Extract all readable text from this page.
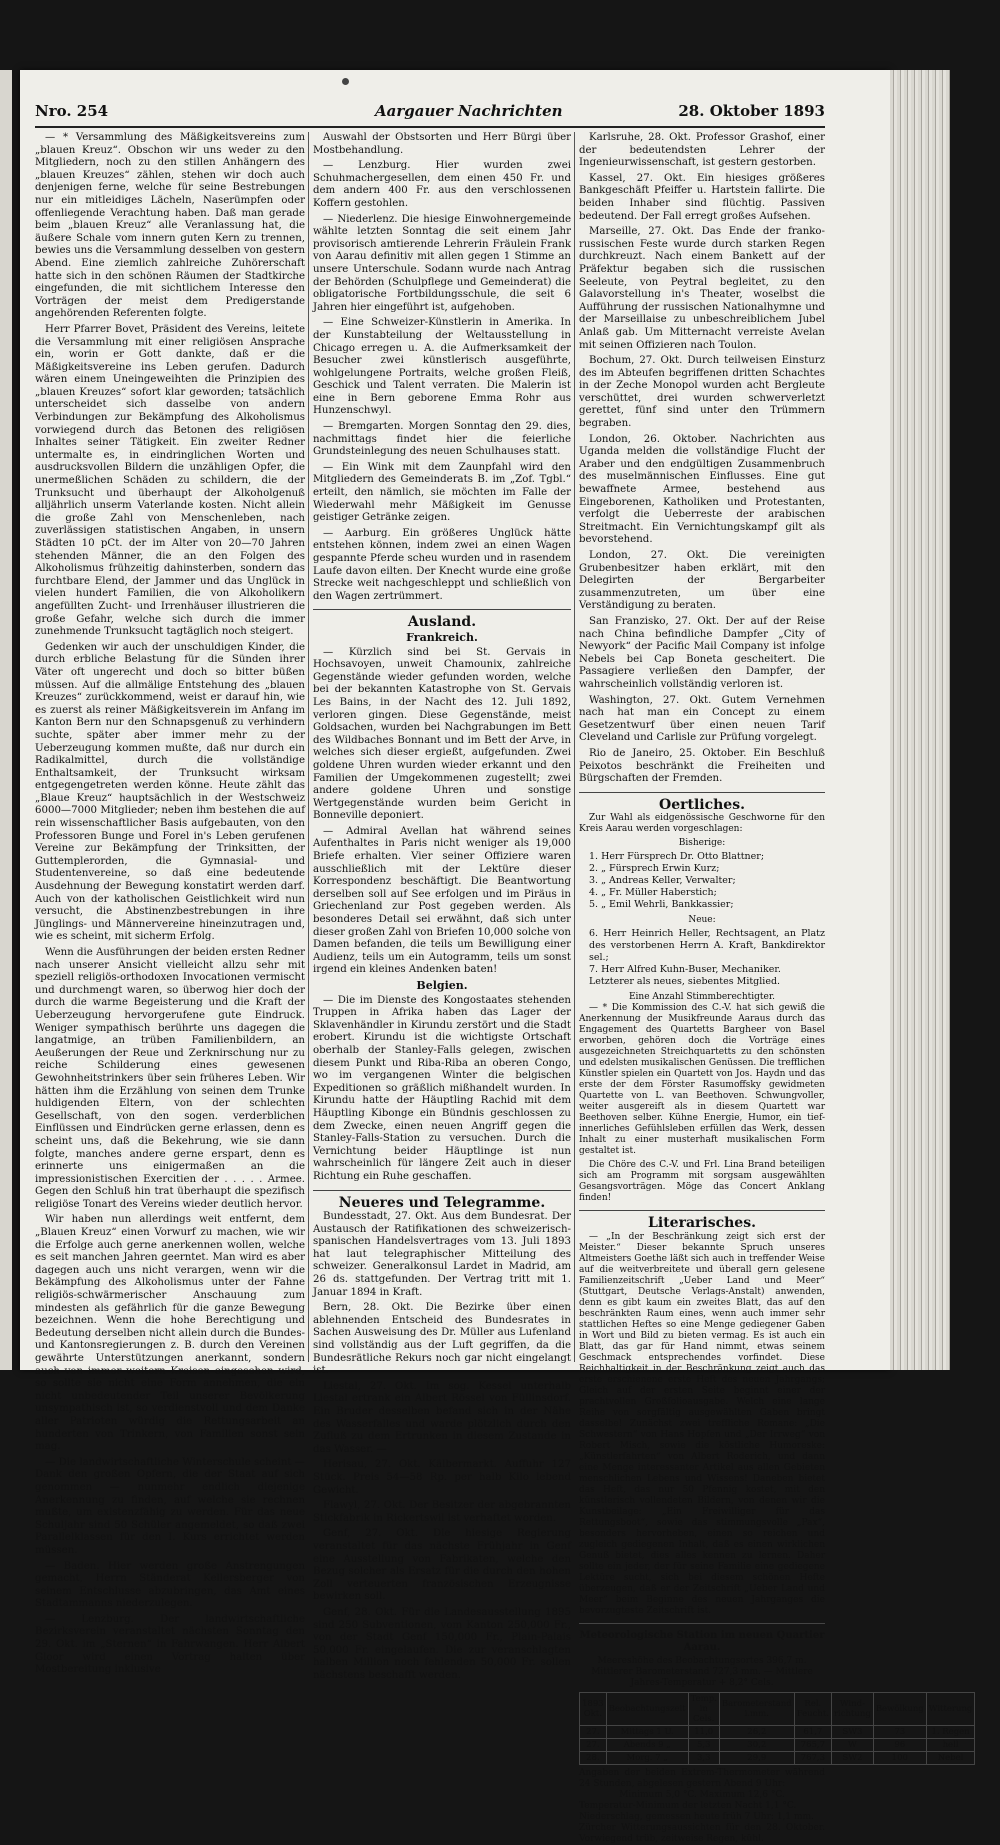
Nro. 254	Aargauer Nachrichten	28. Oktober 1893

— * Versammlung des Mäßigkeitsvereins zum „blauen Kreuz“. Obschon wir uns weder zu den Mitgliedern, noch zu den stillen Anhängern des „blauen Kreuzes“ zählen, stehen wir doch auch denjenigen ferne, welche für seine Bestrebungen nur ein mitleidiges Lächeln, Naserümpfen oder offenliegende Verachtung haben. Daß man gerade beim „blauen Kreuz“ alle Veranlassung hat, die äußere Schale vom innern guten Kern zu trennen, bewies uns die Versammlung desselben von gestern Abend. Eine ziemlich zahlreiche Zuhörerschaft hatte sich in den schönen Räumen der Stadtkirche eingefunden, die mit sichtlichem Interesse den Vorträgen der meist dem Predigerstande angehörenden Referenten folgte.

Herr Pfarrer Bovet, Präsident des Vereins, leitete die Versammlung mit einer religiösen Ansprache ein, worin er Gott dankte, daß er die Mäßigkeitsvereine ins Leben gerufen. Dadurch wären einem Uneingeweihten die Prinzipien des „blauen Kreuzes“ sofort klar geworden; tatsächlich unterscheidet sich dasselbe von andern Verbindungen zur Bekämpfung des Alkoholismus vorwiegend durch das Betonen des religiösen Inhaltes seiner Tätigkeit. Ein zweiter Redner untermalte es, in eindringlichen Worten und ausdrucksvollen Bildern die unzähligen Opfer, die unermeßlichen Schäden zu schildern, die der Trunksucht und überhaupt der Alkoholgenuß alljährlich unserm Vaterlande kosten. Nicht allein die große Zahl von Menschenleben, nach zuverlässigen statistischen Angaben, in unsern Städten 10 pCt. der im Alter von 20—70 Jahren stehenden Männer, die an den Folgen des Alkoholismus frühzeitig dahinsterben, sondern das furchtbare Elend, der Jammer und das Unglück in vielen hundert Familien, die von Alkoholikern angefüllten Zucht- und Irrenhäuser illustrieren die große Gefahr, welche sich durch die immer zunehmende Trunksucht tagtäglich noch steigert.

Gedenken wir auch der unschuldigen Kinder, die durch erbliche Belastung für die Sünden ihrer Väter oft ungerecht und doch so bitter büßen müssen. Auf die allmälige Entstehung des „blauen Kreuzes“ zurückkommend, weist er darauf hin, wie es zuerst als reiner Mäßigkeitsverein im Anfang im Kanton Bern nur den Schnapsgenuß zu verhindern suchte, später aber immer mehr zu der Ueberzeugung kommen mußte, daß nur durch ein Radikalmittel, durch die vollständige Enthaltsamkeit, der Trunksucht wirksam entgegengetreten werden könne. Heute zählt das „Blaue Kreuz“ hauptsächlich in der Westschweiz 6000—7000 Mitglieder; neben ihm bestehen die auf rein wissenschaftlicher Basis aufgebauten, von den Professoren Bunge und Forel in's Leben gerufenen Vereine zur Bekämpfung der Trinksitten, der Guttemplerorden, die Gymnasial- und Studentenvereine, so daß eine bedeutende Ausdehnung der Bewegung konstatirt werden darf. Auch von der katholischen Geistlichkeit wird nun versucht, die Abstinenzbestrebungen in ihre Jünglings- und Männervereine hineinzutragen und, wie es scheint, mit sicherm Erfolg.

Wenn die Ausführungen der beiden ersten Redner nach unserer Ansicht vielleicht allzu sehr mit speziell religiös-orthodoxen Invocationen vermischt und durchmengt waren, so überwog hier doch der durch die warme Begeisterung und die Kraft der Ueberzeugung hervorgerufene gute Eindruck. Weniger sympathisch berührte uns dagegen die langatmige, an trüben Familienbildern, an Aeußerungen der Reue und Zerknirschung nur zu reiche Schilderung eines gewesenen Gewohnheitstrinkers über sein früheres Leben. Wir hätten ihm die Erzählung von seinen dem Trunke huldigenden Eltern, von der schlechten Gesellschaft, von den sogen. verderblichen Einflüssen und Eindrücken gerne erlassen, denn es scheint uns, daß die Bekehrung, wie sie dann folgte, manches andere gerne erspart, denn es erinnerte uns einigermaßen an die impressionistischen Exercitien der . . . . . Armee. Gegen den Schluß hin trat überhaupt die spezifisch religiöse Tonart des Vereins wieder deutlich hervor.

Wir haben nun allerdings weit entfernt, dem „Blauen Kreuz“ einen Vorwurf zu machen, wie wir die Erfolge auch gerne anerkennen wollen, welche es seit manchen Jahren geerntet. Man wird es aber dagegen auch uns nicht verargen, wenn wir die Bekämpfung des Alkoholismus unter der Fahne religiös-schwärmerischer Anschauung zum mindesten als gefährlich für die ganze Bewegung bezeichnen. Wenn die hohe Berechtigung und Bedeutung derselben nicht allein durch die Bundes- und Kantonsregierungen z. B. durch den Vereinen gewährte Unterstützungen anerkannt, sondern auch von immer weitern Kreisen eingesehen wird, so sollte sie nicht eine Form annehmen, die ein nicht unbedeutender Teil unserer Bevölkerung unsympathisch ist, so verdienstvoll und dem Danke aller Patrioten würdig die Rettungsarbeit an hunderten von Trinkern, von Familien sonst sein mag.

— Die landwirtschaftliche Winterschule scheint — Dank den großen Opfern, die der Staat auf sich genommen — nunmehr endlich diejenige Anerkennung zu finden, auf welche sie rechnen mußte, um existenzfähig zu werden. Für das neue Schuljahr sind 50 Schüler angemeldet, so daß zwei Parallelklassen für den I. Kurs errichtet werden müssen.

— Baden. Hier werden große Anstrengungen gemacht, Herrn Ständerat Kellersberger von seinem Entschlusse abzubringen, das Amt eines Stadtammanns niederzulegen.

— Lenzburg. Der landwirtschaftliche Bezirksverein veranstaltet nächsten Sonntag den 29. Okt. im „Sternen“ in Fahrwangen. Herr Albert Gloor wird einen Vortrag halten über Mostbereitung inklusive

Auswahl der Obstsorten und Herr Bürgi über Mostbehandlung.

— Lenzburg. Hier wurden zwei Schuhmachergesellen, dem einen 450 Fr. und dem andern 400 Fr. aus den verschlossenen Koffern gestohlen.

— Niederlenz. Die hiesige Einwohnergemeinde wählte letzten Sonntag die seit einem Jahr provisorisch amtierende Lehrerin Fräulein Frank von Aarau definitiv mit allen gegen 1 Stimme an unsere Unterschule. Sodann wurde nach Antrag der Behörden (Schulpflege und Gemeinderat) die obligatorische Fortbildungsschule, die seit 6 Jahren hier eingeführt ist, aufgehoben.

— Eine Schweizer-Künstlerin in Amerika. In der Kunstabteilung der Weltausstellung in Chicago erregen u. A. die Aufmerksamkeit der Besucher zwei künstlerisch ausgeführte, wohlgelungene Portraits, welche großen Fleiß, Geschick und Talent verraten. Die Malerin ist eine in Bern geborene Emma Rohr aus Hunzenschwyl.

— Bremgarten. Morgen Sonntag den 29. dies, nachmittags findet hier die feierliche Grundsteinlegung des neuen Schulhauses statt.

— Ein Wink mit dem Zaunpfahl wird den Mitgliedern des Gemeinderats B. im „Zof. Tgbl.“ erteilt, den nämlich, sie möchten im Falle der Wiederwahl mehr Mäßigkeit im Genusse geistiger Getränke zeigen.

— Aarburg. Ein größeres Unglück hätte entstehen können, indem zwei an einen Wagen gespannte Pferde scheu wurden und in rasendem Laufe davon eilten. Der Knecht wurde eine große Strecke weit nachgeschleppt und schließlich von den Wagen zertrümmert.

Ausland.
Frankreich.

— Kürzlich sind bei St. Gervais in Hochsavoyen, unweit Chamounix, zahlreiche Gegenstände wieder gefunden worden, welche bei der bekannten Katastrophe von St. Gervais Les Bains, in der Nacht des 12. Juli 1892, verloren gingen. Diese Gegenstände, meist Goldsachen, wurden bei Nachgrabungen im Bett des Wildbaches Bonnant und im Bett der Arve, in welches sich dieser ergießt, aufgefunden. Zwei goldene Uhren wurden wieder erkannt und den Familien der Umgekommenen zugestellt; zwei andere goldene Uhren und sonstige Wertgegenstände wurden beim Gericht in Bonneville deponiert.

— Admiral Avellan hat während seines Aufenthaltes in Paris nicht weniger als 19,000 Briefe erhalten. Vier seiner Offiziere waren ausschließlich mit der Lektüre dieser Korrespondenz beschäftigt. Die Beantwortung derselben soll auf See erfolgen und im Piräus in Griechenland zur Post gegeben werden. Als besonderes Detail sei erwähnt, daß sich unter dieser großen Zahl von Briefen 10,000 solche von Damen befanden, die teils um Bewilligung einer Audienz, teils um ein Autogramm, teils um sonst irgend ein kleines Andenken baten!

Belgien.

— Die im Dienste des Kongostaates stehenden Truppen in Afrika haben das Lager der Sklavenhändler in Kirundu zerstört und die Stadt erobert. Kirundu ist die wichtigste Ortschaft oberhalb der Stanley-Falls gelegen, zwischen diesem Punkt und Riba-Riba an oberen Congo, wo im vergangenen Winter die belgischen Expeditionen so gräßlich mißhandelt wurden. In Kirundu hatte der Häuptling Rachid mit dem Häuptling Kibonge ein Bündnis geschlossen zu dem Zwecke, einen neuen Angriff gegen die Stanley-Falls-Station zu versuchen. Durch die Vernichtung beider Häuptlinge ist nun wahrscheinlich für längere Zeit auch in dieser Richtung ein Ruhe geschaffen.

Neueres und Telegramme.

Bundesstadt, 27. Okt. Aus dem Bundesrat. Der Austausch der Ratifikationen des schweizerisch-spanischen Handelsvertrages vom 13. Juli 1893 hat laut telegraphischer Mitteilung des schweizer. Generalkonsul Lardet in Madrid, am 26 ds. stattgefunden. Der Vertrag tritt mit 1. Januar 1894 in Kraft.

Bern, 28. Okt. Die Bezirke über einen ablehnenden Entscheid des Bundesrates in Sachen Ausweisung des Dr. Müller aus Lufenland sind vollständig aus der Luft gegriffen, da die Bundesrätliche Rekurs noch gar nicht eingelangt ist.

Liestal, 27. Okt. Im sog. Kessel unterhalb Liestal ertrank ein Albert Rössel von Füllinsdorf. Ein Bruder desselben befand sich in der Nähe des Wasserfalles und warde plötzlich durch den Zufluß zu dem Ertrunken in diesem Zustande in das Wasser. —

Herisau, 27. Okt. Kälbermarkt. Auffuhr 127 Stück. Preis 54—58 Rp. per halb Kilo lebend Gewicht.

Flawyl, 27. Okt. Der Besitzer der abgebrannten Stickfabrik in Rickertswil ist verhaftet worden.

Genf, 27. Okt. Die hiesige Regierung veranstaltet für das nächste Frühjahr in Genf eine Ausstellung von Fabrikaten, welche den Bezug solcher als Ersatz für die durch den hohen Zoll verteuerten französischen Erzeugnisse bewirken soll.

Genf, 28. Okt. Für die Landesausstellung 1895 sind 250 Subventionen, vom Kanton 250,000 Fr., von der Stadt Genf 150,000 Fr., Plain-Palais 50,000 Fr. eingelaufen. Die zur veranschlagten halben Million noch fehlenden 50,000 Fr. sollen nächstens beschafft werden.

Karlsruhe, 28. Okt. Professor Grashof, einer der bedeutendsten Lehrer der Ingenieurwissenschaft, ist gestern gestorben.

Kassel, 27. Okt. Ein hiesiges größeres Bankgeschäft Pfeiffer u. Hartstein fallirte. Die beiden Inhaber sind flüchtig. Passiven bedeutend. Der Fall erregt großes Aufsehen.

Marseille, 27. Okt. Das Ende der franko-russischen Feste wurde durch starken Regen durchkreuzt. Nach einem Bankett auf der Präfektur begaben sich die russischen Seeleute, von Peytral begleitet, zu den Galavorstellung in's Theater, woselbst die Aufführung der russischen Nationalhymne und der Marseillaise zu unbeschreiblichem Jubel Anlaß gab. Um Mitternacht verreiste Avelan mit seinen Offizieren nach Toulon.

Bochum, 27. Okt. Durch teilweisen Einsturz des im Abteufen begriffenen dritten Schachtes in der Zeche Monopol wurden acht Bergleute verschüttet, drei wurden schwerverletzt gerettet, fünf sind unter den Trümmern begraben.

London, 26. Oktober. Nachrichten aus Uganda melden die vollständige Flucht der Araber und den endgültigen Zusammenbruch des muselmännischen Einflusses. Eine gut bewaffnete Armee, bestehend aus Eingeborenen, Katholiken und Protestanten, verfolgt die Ueberreste der arabischen Streitmacht. Ein Vernichtungskampf gilt als bevorstehend.

London, 27. Okt. Die vereinigten Grubenbesitzer haben erklärt, mit den Delegirten der Bergarbeiter zusammenzutreten, um über eine Verständigung zu beraten.

San Franzisko, 27. Okt. Der auf der Reise nach China befindliche Dampfer „City of Newyork“ der Pacific Mail Company ist infolge Nebels bei Cap Boneta gescheitert. Die Passagiere verließen den Dampfer, der wahrscheinlich vollständig verloren ist.

Washington, 27. Okt. Gutem Vernehmen nach hat man ein Concept zu einem Gesetzentwurf über einen neuen Tarif Cleveland und Carlisle zur Prüfung vorgelegt.

Rio de Janeiro, 25. Oktober. Ein Beschluß Peixotos beschränkt die Freiheiten und Bürgschaften der Fremden.

Oertliches.

Zur Wahl als eidgenössische Geschworne für den Kreis Aarau werden vorgeschlagen:

Bisherige:
1. Herr Fürsprech Dr. Otto Blattner;
2. „ Fürsprech Erwin Kurz;
3. „ Andreas Keller, Verwalter;
4. „ Fr. Müller Haberstich;
5. „ Emil Wehrli, Bankkassier;
Neue:
6. Herr Heinrich Heller, Rechtsagent, an Platz des verstorbenen Herrn A. Kraft, Bankdirektor sel.;
7. Herr Alfred Kuhn-Buser, Mechaniker.
Letzterer als neues, siebentes Mitglied.
Eine Anzahl Stimmberechtigter.

— * Die Kommission des C.-V. hat sich gewiß die Anerkennung der Musikfreunde Aaraus durch das Engagement des Quartetts Bargheer von Basel erworben, gehören doch die Vorträge eines ausgezeichneten Streichquartetts zu den schönsten und edelsten musikalischen Genüssen. Die trefflichen Künstler spielen ein Quartett von Jos. Haydn und das erste der dem Förster Rasumoffsky gewidmeten Quartette von L. van Beethoven. Schwungvoller, weiter ausgereift als in diesem Quartett war Beethoven selber. Kühne Energie, Humor, ein tief-innerliches Gefühlsleben erfüllen das Werk, dessen Inhalt zu einer musterhaft musikalischen Form gestaltet ist.

Die Chöre des C.-V. und Frl. Lina Brand beteiligen sich am Programm mit sorgsam ausgewählten Gesangsvorträgen. Möge das Concert Anklang finden!

Literarisches.

— „In der Beschränkung zeigt sich erst der Meister.“ Dieser bekannte Spruch unseres Altmeisters Goethe läßt sich auch in treffender Weise auf die weitverbreitete und überall gern gelesene Familienzeitschrift „Ueber Land und Meer“ (Stuttgart, Deutsche Verlags-Anstalt) anwenden, denn es gibt kaum ein zweites Blatt, das auf den beschränkten Raum eines, wenn auch immer sehr stattlichen Heftes so eine Menge gediegener Gaben in Wort und Bild zu bieten vermag. Es ist auch ein Blatt, das gar für Hand nimmt, etwas seinem Geschmack entsprechendes vorfindet. Diese Reichhaltigkeit in der Beschränkung zeigt auch das erste erschienene erste Heft des neuen Jahrgangs; Gleich auf der ersten Seite beginnt einer der prachtvollen Großfolioausgabe. Welch eine lange Reihe von sorgfältig ausgewählten Gaben bringt dasselbe! Zunächst zwei treffliche Romane: „Die Schwestern“ von Hans Hopfen und „Der Irrweg“ von Robert Misch, sowie die köstliche Humoreske: „Künstlerfahrten“ von Albert Roderich, und dann eine Menge interessanter Artikel aus allen Gebieten menschlichen Lebens und Wissens! Daneben bietet das Heft, das nur 50 Pfennig kostet, mit den künstlerisch vollendeten Bildern, von denen wir die Kunstbeilage: „Ein Freiwilliger für das Rettungsboot“, sowie das stimmungsvolle „Pax“, besonders hervorheben, einen so reichen und zugleich gediegenen Inhalt, daß es einen wirklichen Genuß bietet, dies alles kennen zu lernen. Daher sollte ein jeder, der für seine Familie eine gediegene Lektüre sucht, sich bei diesem schönen Hefte überzeugen, daß er der Zeitschrift „Ueber Land und Meer“ beim Beginne des neuen Jahrganges die bevorzugteste Zeitschrift ist.

Meteorologische Station im neuen Quartier Aarau.
Meereshöhe des Beobachtungsortes 396,7 m.
Mittlerer Barometerstand 727,3 mm. — Mittlere Jahres-Temperatur + 8,2° Cels.
1893 Okt.	Beobachtungszeit	Temp. in Cels.	Barometerstand i.mm.	Rel. Feucht.	Wind-richtung	Bewölkung	Witterung
27.	Mittags 1 U.	11,0	26,2	61,7	SW3	73	1. Regen
27.	Abends 9 „	5,3	30,2	765,7	W	96	hell
28.	Morg. 7 „	3,3	29,9	767,3	SW2	100	Nebel
Angaben der beiden Extrem-Thermometer während 24 Stunden, abgelesen gestern Abend 9 Uhr:
Minimum 5,0 °C. Maximum 12,6 °C.
Temperatur-Minimum der letzten Nacht 1,1 °C.
Niederschlag, gemessen heute früh 7 Uhr: 1,1 mm.
Zürcher Witterungsaussichten für den 28. Oktober. Vorwiegend trüb, zeitweise Regen, kühl.
